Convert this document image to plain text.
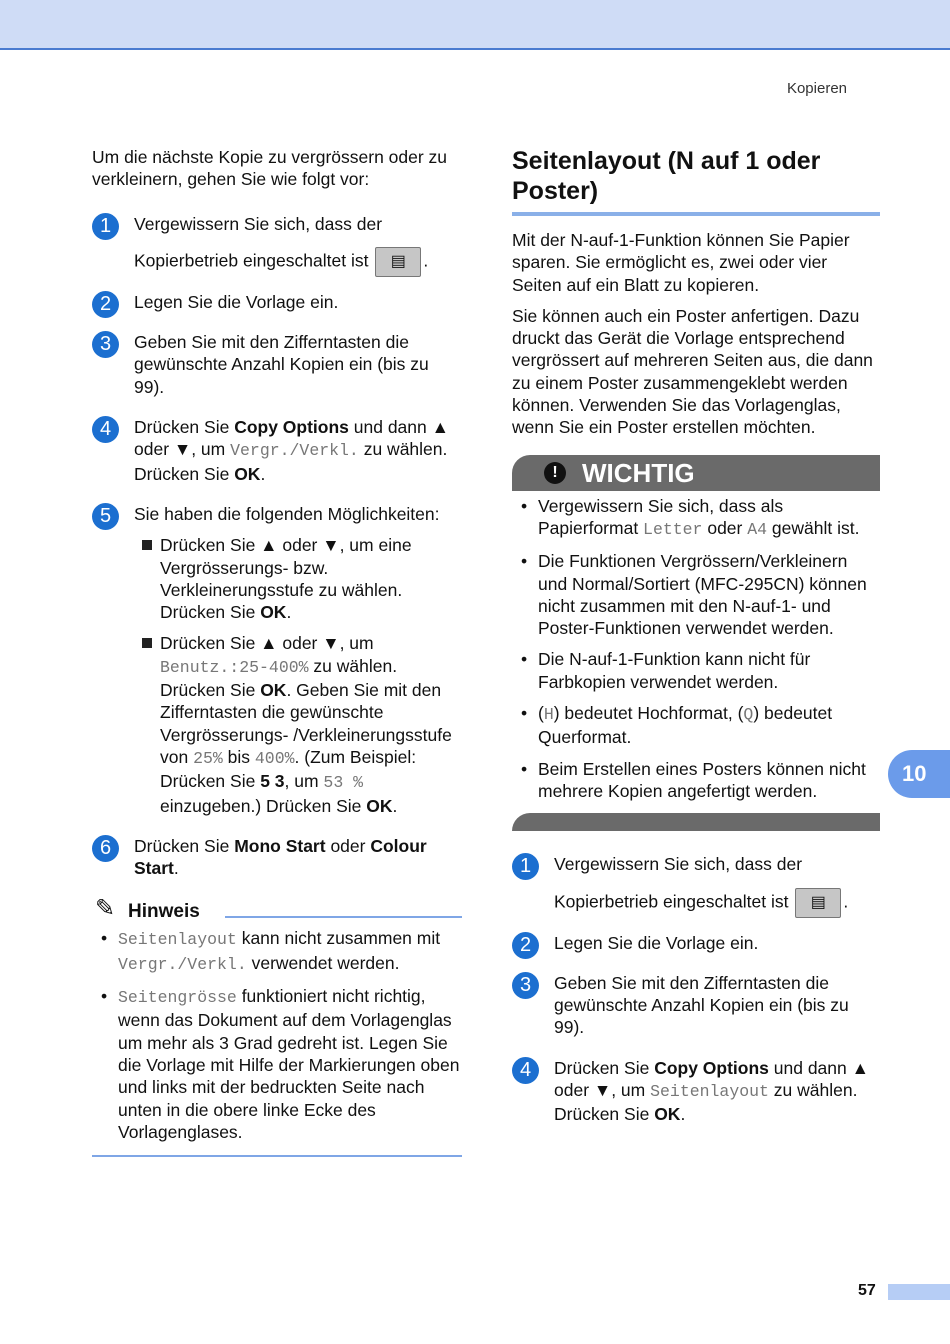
Kopieren

Um die nächste Kopie zu vergrössern oder zu verkleinern, gehen Sie wie folgt vor:

1	Vergewissern Sie sich, dass der

Kopierbetrieb eingeschaltet ist ▤ .

2	Legen Sie die Vorlage ein.

3	Geben Sie mit den Zifferntasten die gewünschte Anzahl Kopien ein (bis zu 99).

4	Drücken Sie Copy Options und dann ▲ oder ▼, um Vergr./Verkl. zu wählen. Drücken Sie OK.

5	Sie haben die folgenden Möglichkeiten:

Drücken Sie ▲ oder ▼, um eine Vergrösserungs- bzw. Verkleinerungsstufe zu wählen. Drücken Sie OK.

Drücken Sie ▲ oder ▼, um Benutz.:25-400% zu wählen. Drücken Sie OK. Geben Sie mit den Zifferntasten die gewünschte Vergrösserungs- /Verkleinerungsstufe von 25% bis 400%. (Zum Beispiel: Drücken Sie 5 3, um 53 % einzugeben.) Drücken Sie OK.

6	Drücken Sie Mono Start oder Colour Start.

✎ Hinweis

• Seitenlayout kann nicht zusammen mit Vergr./Verkl. verwendet werden.

• Seitengrösse funktioniert nicht richtig, wenn das Dokument auf dem Vorlagenglas um mehr als 3 Grad gedreht ist. Legen Sie die Vorlage mit Hilfe der Markierungen oben und links mit der bedruckten Seite nach unten in die obere linke Ecke des Vorlagenglases.

Seitenlayout (N auf 1 oder Poster)

Mit der N-auf-1-Funktion können Sie Papier sparen. Sie ermöglicht es, zwei oder vier Seiten auf ein Blatt zu kopieren.

Sie können auch ein Poster anfertigen. Dazu druckt das Gerät die Vorlage entsprechend vergrössert auf mehreren Seiten aus, die dann zu einem Poster zusammengeklebt werden können. Verwenden Sie das Vorlagenglas, wenn Sie ein Poster erstellen möchten.

! WICHTIG

• Vergewissern Sie sich, dass als Papierformat Letter oder A4 gewählt ist.

• Die Funktionen Vergrössern/Verkleinern und Normal/Sortiert (MFC-295CN) können nicht zusammen mit den N-auf-1- und Poster-Funktionen verwendet werden.

• Die N-auf-1-Funktion kann nicht für Farbkopien verwendet werden.

• (H) bedeutet Hochformat, (Q) bedeutet Querformat.

• Beim Erstellen eines Posters können nicht mehrere Kopien angefertigt werden.

1	Vergewissern Sie sich, dass der

Kopierbetrieb eingeschaltet ist ▤ .

2	Legen Sie die Vorlage ein.

3	Geben Sie mit den Zifferntasten die gewünschte Anzahl Kopien ein (bis zu 99).

4	Drücken Sie Copy Options und dann ▲ oder ▼, um Seitenlayout zu wählen. Drücken Sie OK.

10
57
